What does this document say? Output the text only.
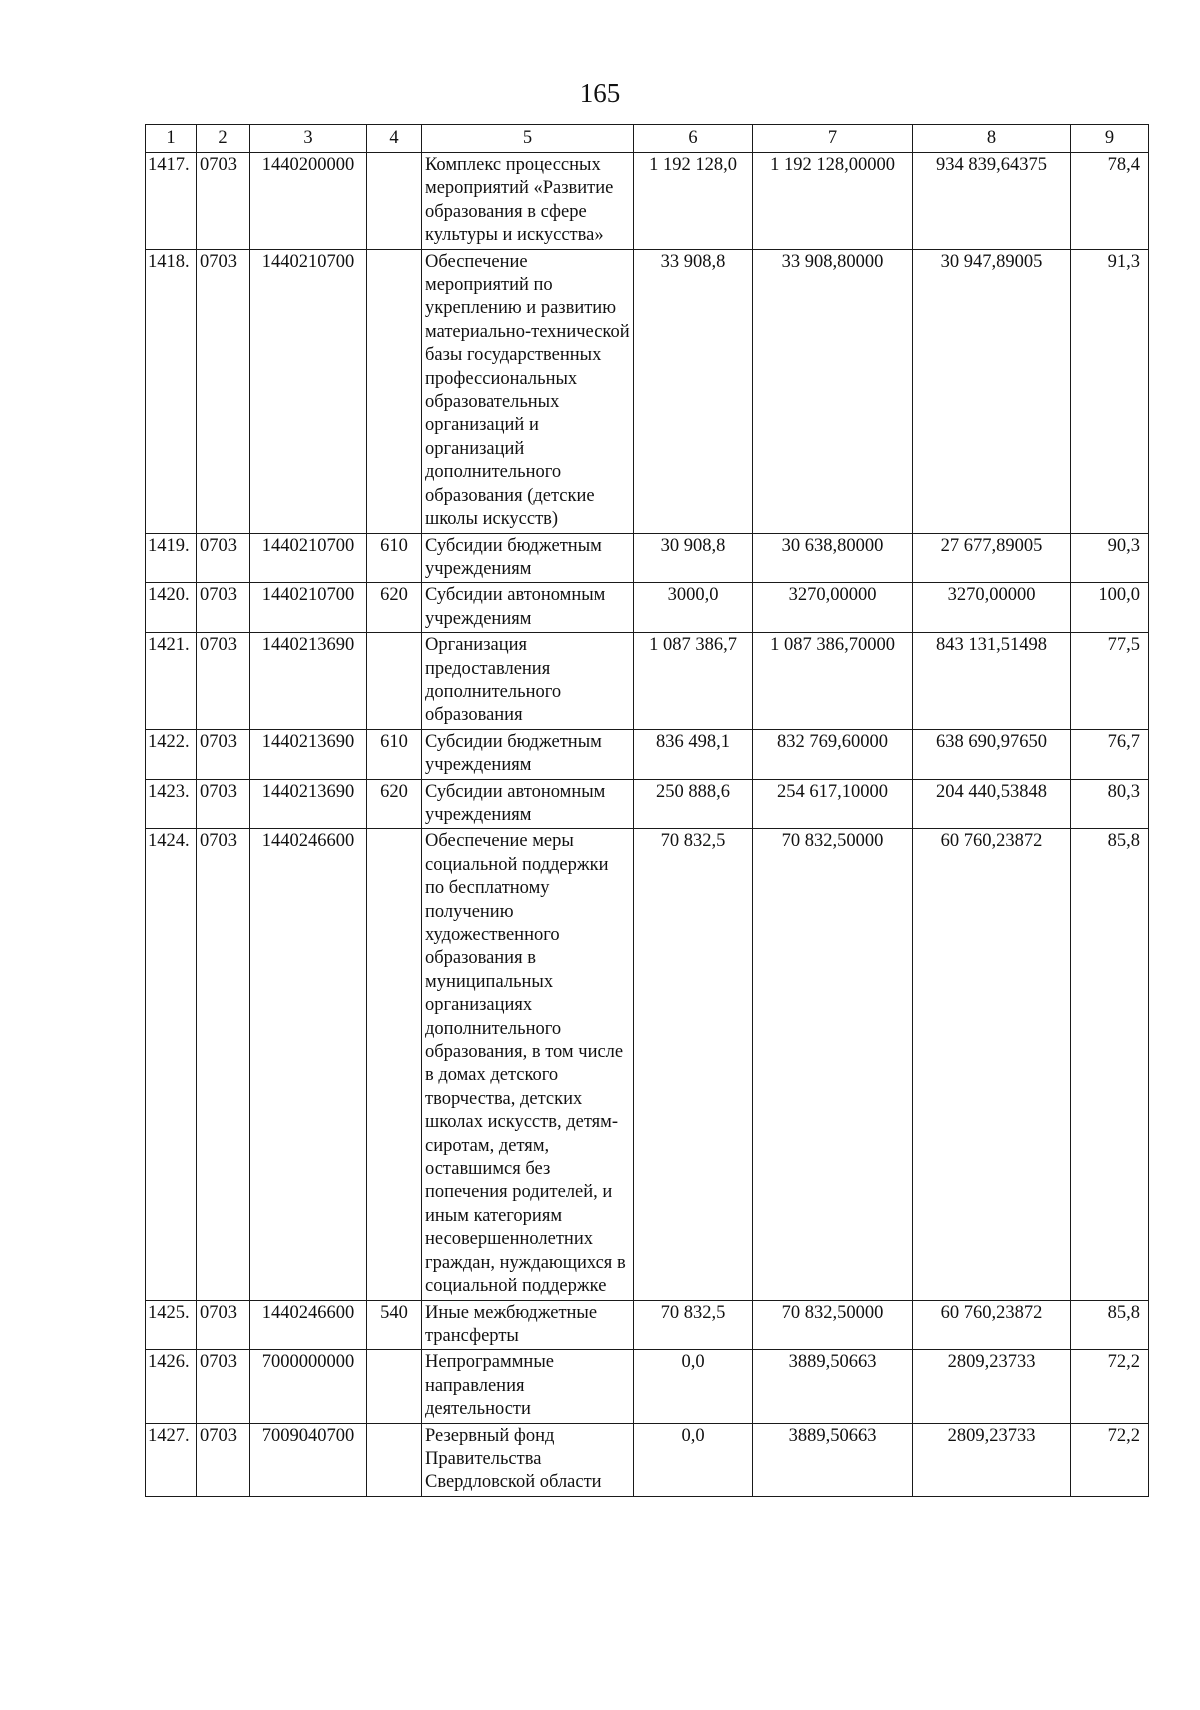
165
1	2	3	4	5	6	7	8	9
1417.	0703	1440200000		Комплекс процессных мероприятий «Развитие образования в сфере культуры и искусства»	1 192 128,0	1 192 128,00000	934 839,64375	78,4
1418.	0703	1440210700		Обеспечение мероприятий по укреплению и развитию материально-технической базы государственных профессиональных образовательных организаций и организаций дополнительного образования (детские школы искусств)	33 908,8	33 908,80000	30 947,89005	91,3
1419.	0703	1440210700	610	Субсидии бюджетным учреждениям	30 908,8	30 638,80000	27 677,89005	90,3
1420.	0703	1440210700	620	Субсидии автономным учреждениям	3000,0	3270,00000	3270,00000	100,0
1421.	0703	1440213690		Организация предоставления дополнительного образования	1 087 386,7	1 087 386,70000	843 131,51498	77,5
1422.	0703	1440213690	610	Субсидии бюджетным учреждениям	836 498,1	832 769,60000	638 690,97650	76,7
1423.	0703	1440213690	620	Субсидии автономным учреждениям	250 888,6	254 617,10000	204 440,53848	80,3
1424.	0703	1440246600		Обеспечение меры социальной поддержки по бесплатному получению художественного образования в муниципальных организациях дополнительного образования, в том числе в домах детского творчества, детских школах искусств, детям-сиротам, детям, оставшимся без попечения родителей, и иным категориям несовершеннолетних граждан, нуждающихся в социальной поддержке	70 832,5	70 832,50000	60 760,23872	85,8
1425.	0703	1440246600	540	Иные межбюджетные трансферты	70 832,5	70 832,50000	60 760,23872	85,8
1426.	0703	7000000000		Непрограммные направления деятельности	0,0	3889,50663	2809,23733	72,2
1427.	0703	7009040700		Резервный фонд Правительства Свердловской области	0,0	3889,50663	2809,23733	72,2
